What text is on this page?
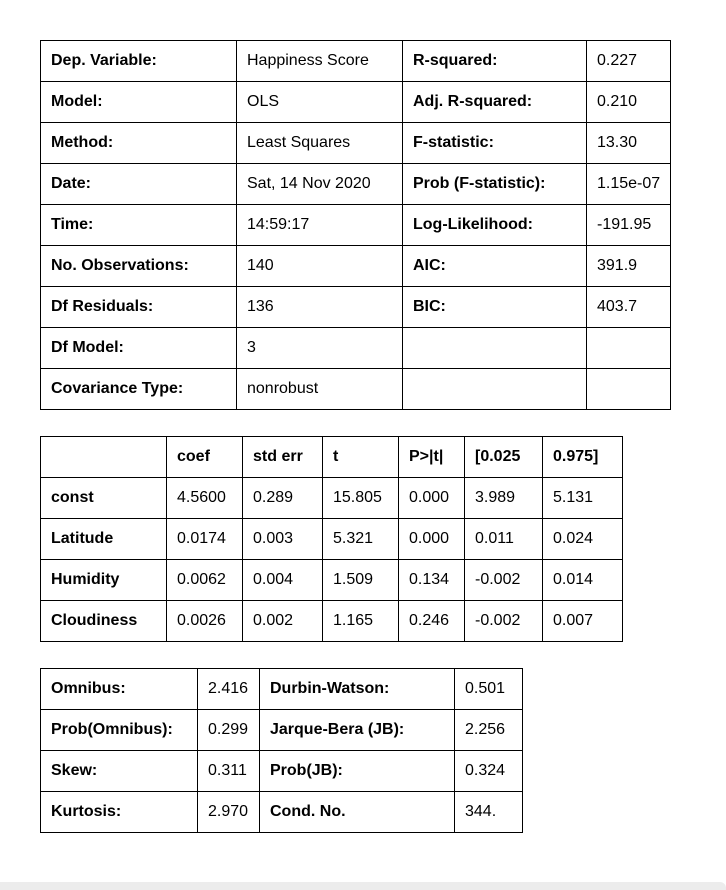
Dep. Variable:	Happiness Score	R-squared:	0.227
Model:	OLS	Adj. R-squared:	0.210
Method:	Least Squares	F-statistic:	13.30
Date:	Sat, 14 Nov 2020	Prob (F-statistic):	1.15e-07
Time:	14:59:17	Log-Likelihood:	-191.95
No. Observations:	140	AIC:	391.9
Df Residuals:	136	BIC:	403.7
Df Model:	3		
Covariance Type:	nonrobust		
	coef	std err	t	P>|t|	[0.025	0.975]
const	4.5600	0.289	15.805	0.000	3.989	5.131
Latitude	0.0174	0.003	5.321	0.000	0.011	0.024
Humidity	0.0062	0.004	1.509	0.134	-0.002	0.014
Cloudiness	0.0026	0.002	1.165	0.246	-0.002	0.007
Omnibus:	2.416	Durbin-Watson:	0.501
Prob(Omnibus):	0.299	Jarque-Bera (JB):	2.256
Skew:	0.311	Prob(JB):	0.324
Kurtosis:	2.970	Cond. No.	344.
